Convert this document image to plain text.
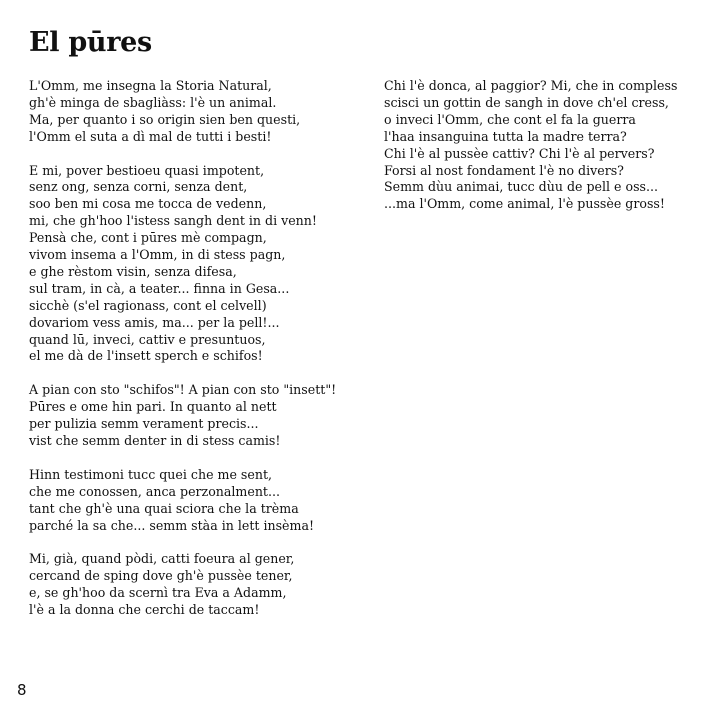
El pūres
L'Omm, me insegna la Storia Natural,
gh'è minga de sbagliàss: l'è un animal.
Ma, per quanto i so origin sien ben questi,
l'Omm el suta a dì mal de tutti i besti!
E mi, pover bestioeu quasi impotent,
senz ong, senza corni, senza dent,
soo ben mi cosa me tocca de vedenn,
mi, che gh'hoo l'istess sangh dent in di venn!
Pensà che, cont i pūres mè compagn,
vivom insema a l'Omm, in di stess pagn,
e ghe rèstom visin, senza difesa,
sul tram, in cà, a teater... finna in Gesa...
sicchè (s'el ragionass, cont el celvell)
dovariom vess amis, ma... per la pell!...
quand lū, inveci, cattiv e presuntuos,
el me dà de l'insett sperch e schifos!
A pian con sto "schifos"! A pian con sto "insett"!
Pūres e ome hin pari. In quanto al nett
per pulizia semm verament precis...
vist che semm denter in di stess camis!
Hinn testimoni tucc quei che me sent,
che me conossen, anca perzonalment...
tant che gh'è una quai sciora che la trèma
parché la sa che... semm stàa in lett insèma!
Mi, già, quand pòdi, catti foeura al gener,
cercand de sping dove gh'è pussèe tener,
e, se gh'hoo da scernì tra Eva a Adamm,
l'è a la donna che cerchi de taccam!
Chi l'è donca, al paggior? Mi, che in compless
scisci un gottin de sangh in dove ch'el cress,
o inveci l'Omm, che cont el fa la guerra
l'haa insanguina tutta la madre terra?
Chi l'è al pussèe cattiv? Chi l'è al pervers?
Forsi al nost fondament l'è no divers?
Semm dùu animai, tucc dùu de pell e oss...
...ma l'Omm, come animal, l'è pussèe gross!
8
